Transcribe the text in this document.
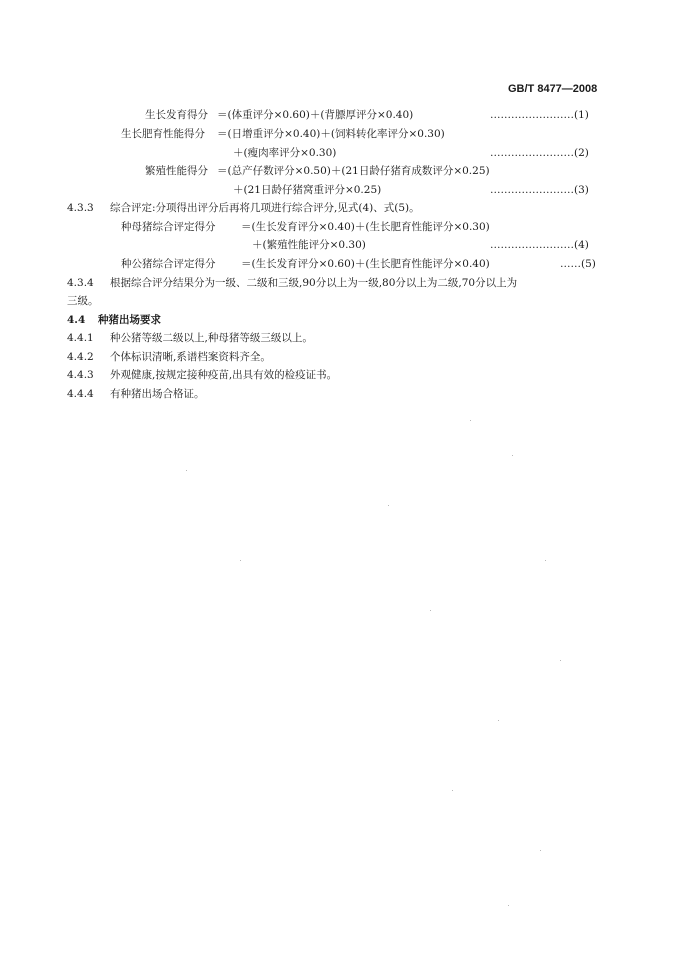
GB/T 8477—2008
生长发育得分 ＝(体重评分×0.60)＋(背膘厚评分×0.40)	……………………(1)
生长肥育性能得分 ＝(日增重评分×0.40)＋(饲料转化率评分×0.30)
＋(瘦肉率评分×0.30)	……………………(2)
繁殖性能得分 ＝(总产仔数评分×0.50)＋(21日龄仔猪育成数评分×0.25)
＋(21日龄仔猪窝重评分×0.25)	……………………(3)
4.3.3 综合评定:分项得出评分后再将几项进行综合评分,见式(4)、式(5)。
种母猪综合评定得分 ＝(生长发育评分×0.40)＋(生长肥育性能评分×0.30)
＋(繁殖性能评分×0.30)	……………………(4)
种公猪综合评定得分 ＝(生长发育评分×0.60)＋(生长肥育性能评分×0.40)	……(5)
4.3.4 根据综合评分结果分为一级、二级和三级,90分以上为一级,80分以上为二级,70分以上为
三级。
4.4 种猪出场要求
4.4.1 种公猪等级二级以上,种母猪等级三级以上。
4.4.2 个体标识清晰,系谱档案资料齐全。
4.4.3 外观健康,按规定接种疫苗,出具有效的检疫证书。
4.4.4 有种猪出场合格证。
